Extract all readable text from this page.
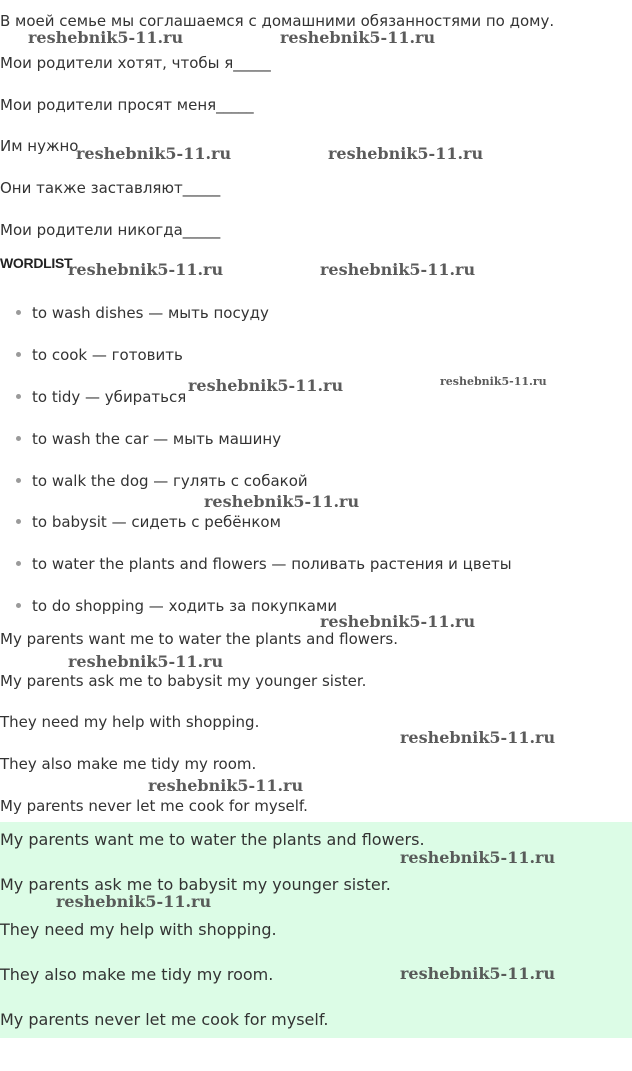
В моей семье мы соглашаемся с домашними обязанностями по дому.
Мои родители хотят, чтобы я_____
Мои родители просят меня_____
Им нужно
Они также заставляют_____
Мои родители никогда_____
WORDLIST
to wash dishes — мыть посуду
to cook — готовить
to tidy — убираться
to wash the car — мыть машину
to walk the dog — гулять с собакой
to babysit — сидеть с ребёнком
to water the plants and flowers — поливать растения и цветы
to do shopping — ходить за покупками
My parents want me to water the plants and flowers.
My parents ask me to babysit my younger sister.
They need my help with shopping.
They also make me tidy my room.
My parents never let me cook for myself.
My parents want me to water the plants and flowers.
My parents ask me to babysit my younger sister.
They need my help with shopping.
They also make me tidy my room.
My parents never let me cook for myself.
reshebnik5-11.ru	reshebnik5-11.ru
reshebnik5-11.ru	reshebnik5-11.ru
reshebnik5-11.ru	reshebnik5-11.ru
reshebnik5-11.ru	reshebnik5-11.ru
reshebnik5-11.ru
reshebnik5-11.ru
reshebnik5-11.ru
reshebnik5-11.ru
reshebnik5-11.ru
reshebnik5-11.ru
reshebnik5-11.ru
reshebnik5-11.ru
